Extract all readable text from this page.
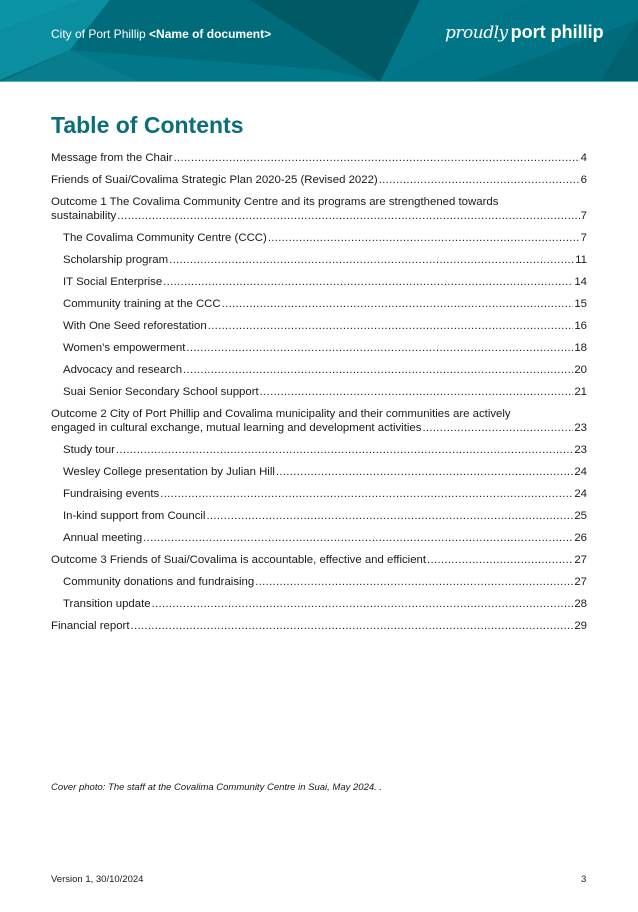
City of Port Phillip <Name of document>	proudly port phillip
Table of Contents
Message from the Chair .....	4
Friends of Suai/Covalima Strategic Plan 2020-25 (Revised 2022) .....	6
Outcome 1 The Covalima Community Centre and its programs are strengthened towards
sustainability .....	7
The Covalima Community Centre (CCC) .....	7
Scholarship program .....	11
IT Social Enterprise .....	14
Community training at the CCC .....	15
With One Seed reforestation .....	16
Women’s empowerment .....	18
Advocacy and research .....	20
Suai Senior Secondary School support .....	21
Outcome 2 City of Port Phillip and Covalima municipality and their communities are actively
engaged in cultural exchange, mutual learning and development activities .....	23
Study tour .....	23
Wesley College presentation by Julian Hill .....	24
Fundraising events .....	24
In-kind support from Council .....	25
Annual meeting .....	26
Outcome 3 Friends of Suai/Covalima is accountable, effective and efficient .....	27
Community donations and fundraising .....	27
Transition update .....	28
Financial report .....	29
Cover photo: The staff at the Covalima Community Centre in Suai, May 2024. .
Version 1, 30/10/2024	3
